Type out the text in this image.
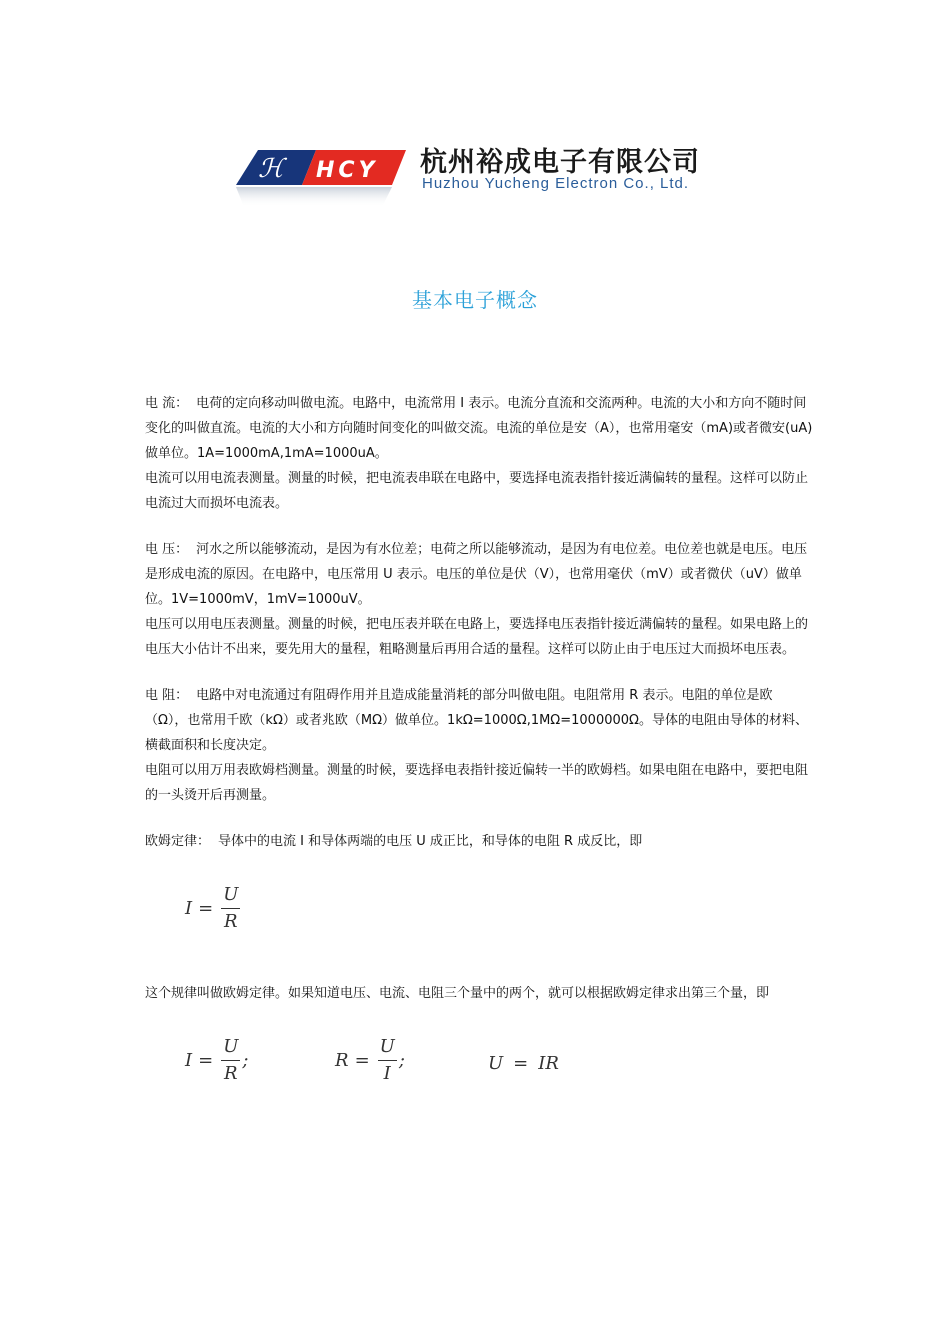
ℋ HCY 杭州裕成电子有限公司
Huzhou Yucheng Electron Co., Ltd.
基本电子概念

电 流： 电荷的定向移动叫做电流。电路中，电流常用 I 表示。电流分直流和交流两种。电流的大小和方向不随时间变化的叫做直流。电流的大小和方向随时间变化的叫做交流。电流的单位是安（A），也常用毫安（mA)或者微安(uA)做单位。1A=1000mA,1mA=1000uA。

电流可以用电流表测量。测量的时候，把电流表串联在电路中，要选择电流表指针接近满偏转的量程。这样可以防止电流过大而损坏电流表。

电 压： 河水之所以能够流动，是因为有水位差；电荷之所以能够流动，是因为有电位差。电位差也就是电压。电压是形成电流的原因。在电路中，电压常用 U 表示。电压的单位是伏（V），也常用毫伏（mV）或者微伏（uV）做单位。1V=1000mV，1mV=1000uV。

电压可以用电压表测量。测量的时候，把电压表并联在电路上，要选择电压表指针接近满偏转的量程。如果电路上的电压大小估计不出来，要先用大的量程，粗略测量后再用合适的量程。这样可以防止由于电压过大而损坏电压表。

电 阻： 电路中对电流通过有阻碍作用并且造成能量消耗的部分叫做电阻。电阻常用 R 表示。电阻的单位是欧（Ω），也常用千欧（kΩ）或者兆欧（MΩ）做单位。1kΩ=1000Ω,1MΩ=1000000Ω。导体的电阻由导体的材料、横截面积和长度决定。

电阻可以用万用表欧姆档测量。测量的时候，要选择电表指针接近偏转一半的欧姆档。如果电阻在电路中，要把电阻的一头烫开后再测量。

欧姆定律： 导体中的电流 I 和导体两端的电压 U 成正比，和导体的电阻 R 成反比，即

$I = \frac{U}{R}$

这个规律叫做欧姆定律。如果知道电压、电流、电阻三个量中的两个，就可以根据欧姆定律求出第三个量，即

$I = \frac{U}{R}$ ;	$R = \frac{U}{I}$ ;	U = IR
